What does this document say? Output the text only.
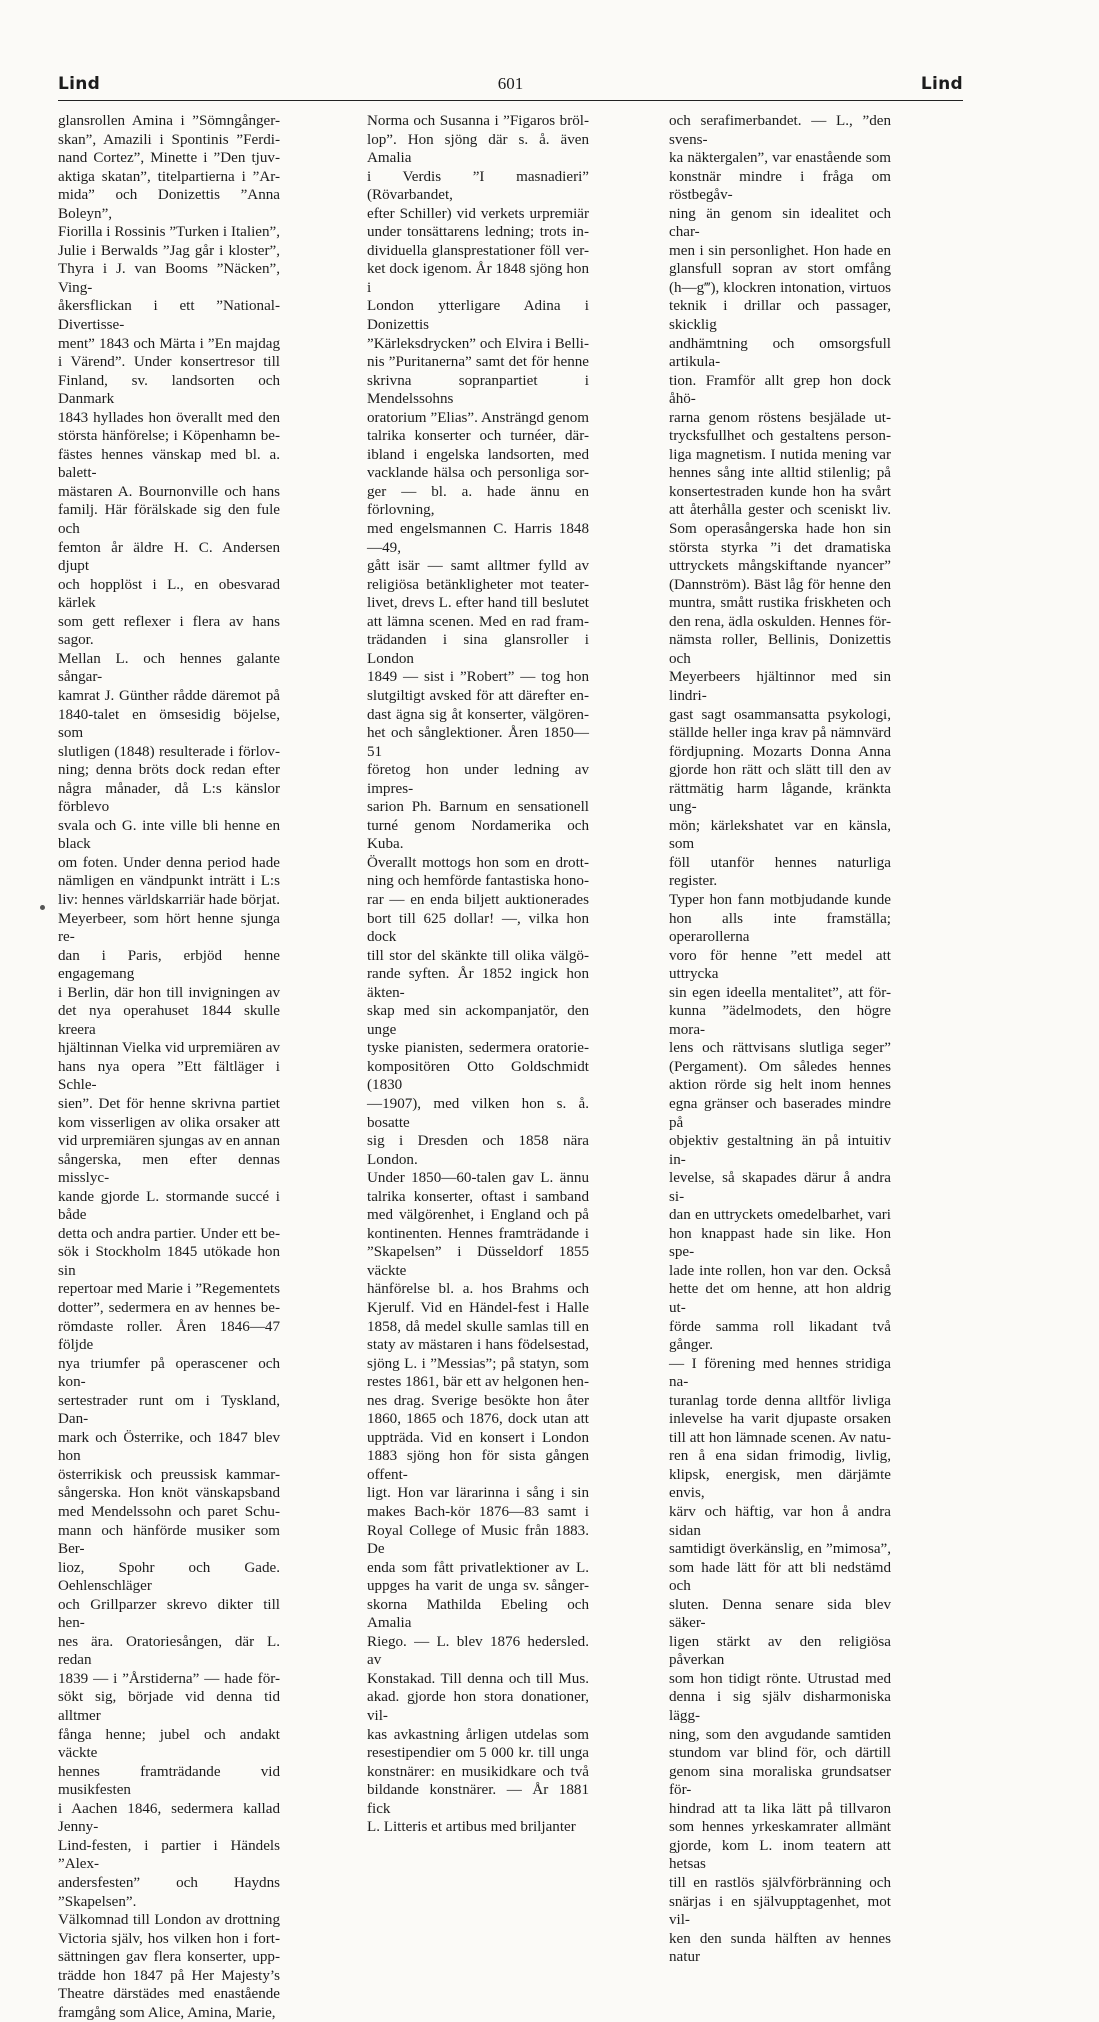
Lind	601	Lind

glansrollen Amina i ”Sömngånger-

skan”, Amazili i Spontinis ”Ferdi-

nand Cortez”, Minette i ”Den tjuv-

aktiga skatan”, titelpartierna i ”Ar-

mida” och Donizettis ”Anna Boleyn”,

Fiorilla i Rossinis ”Turken i Italien”,

Julie i Berwalds ”Jag går i kloster”,

Thyra i J. van Booms ”Näcken”, Ving-

åkersflickan i ett ”National-Divertisse-

ment” 1843 och Märta i ”En majdag

i Värend”. Under konsertresor till

Finland, sv. landsorten och Danmark

1843 hyllades hon överallt med den

största hänförelse; i Köpenhamn be-

fästes hennes vänskap med bl. a. balett-

mästaren A. Bournonville och hans

familj. Här förälskade sig den fule och

femton år äldre H. C. Andersen djupt

och hopplöst i L., en obesvarad kärlek

som gett reflexer i flera av hans sagor.

Mellan L. och hennes galante sångar-

kamrat J. Günther rådde däremot på

1840-talet en ömsesidig böjelse, som

slutligen (1848) resulterade i förlov-

ning; denna bröts dock redan efter

några månader, då L:s känslor förblevo

svala och G. inte ville bli henne en black

om foten. Under denna period hade

nämligen en vändpunkt inträtt i L:s

liv: hennes världskarriär hade börjat.

Meyerbeer, som hört henne sjunga re-

dan i Paris, erbjöd henne engagemang

i Berlin, där hon till invigningen av

det nya operahuset 1844 skulle kreera

hjältinnan Vielka vid urpremiären av

hans nya opera ”Ett fältläger i Schle-

sien”. Det för henne skrivna partiet

kom visserligen av olika orsaker att

vid urpremiären sjungas av en annan

sångerska, men efter dennas misslyc-

kande gjorde L. stormande succé i både

detta och andra partier. Under ett be-

sök i Stockholm 1845 utökade hon sin

repertoar med Marie i ”Regementets

dotter”, sedermera en av hennes be-

römdaste roller. Åren 1846—47 följde

nya triumfer på operascener och kon-

sertestrader runt om i Tyskland, Dan-

mark och Österrike, och 1847 blev hon

österrikisk och preussisk kammar-

sångerska. Hon knöt vänskapsband

med Mendelssohn och paret Schu-

mann och hänförde musiker som Ber-

lioz, Spohr och Gade. Oehlenschläger

och Grillparzer skrevo dikter till hen-

nes ära. Oratoriesången, där L. redan

1839 — i ”Årstiderna” — hade för-

sökt sig, började vid denna tid alltmer

fånga henne; jubel och andakt väckte

hennes framträdande vid musikfesten

i Aachen 1846, sedermera kallad Jenny-

Lind-festen, i partier i Händels ”Alex-

andersfesten” och Haydns ”Skapelsen”.

Välkomnad till London av drottning

Victoria själv, hos vilken hon i fort-

sättningen gav flera konserter, upp-

trädde hon 1847 på Her Majesty’s

Theatre därstädes med enastående

framgång som Alice, Amina, Marie,

Norma och Susanna i ”Figaros bröl-

lop”. Hon sjöng där s. å. även Amalia

i Verdis ”I masnadieri” (Rövarbandet,

efter Schiller) vid verkets urpremiär

under tonsättarens ledning; trots in-

dividuella glansprestationer föll ver-

ket dock igenom. År 1848 sjöng hon i

London ytterligare Adina i Donizettis

”Kärleksdrycken” och Elvira i Belli-

nis ”Puritanerna” samt det för henne

skrivna sopranpartiet i Mendelssohns

oratorium ”Elias”. Ansträngd genom

talrika konserter och turnéer, där-

ibland i engelska landsorten, med

vacklande hälsa och personliga sor-

ger — bl. a. hade ännu en förlovning,

med engelsmannen C. Harris 1848—49,

gått isär — samt alltmer fylld av

religiösa betänkligheter mot teater-

livet, drevs L. efter hand till beslutet

att lämna scenen. Med en rad fram-

trädanden i sina glansroller i London

1849 — sist i ”Robert” — tog hon

slutgiltigt avsked för att därefter en-

dast ägna sig åt konserter, välgören-

het och sånglektioner. Åren 1850—51

företog hon under ledning av impres-

sarion Ph. Barnum en sensationell

turné genom Nordamerika och Kuba.

Överallt mottogs hon som en drott-

ning och hemförde fantastiska hono-

rar — en enda biljett auktionerades

bort till 625 dollar! —, vilka hon dock

till stor del skänkte till olika välgö-

rande syften. År 1852 ingick hon äkten-

skap med sin ackompanjatör, den unge

tyske pianisten, sedermera oratorie-

kompositören Otto Goldschmidt (1830

—1907), med vilken hon s. å. bosatte

sig i Dresden och 1858 nära London.

Under 1850—60-talen gav L. ännu

talrika konserter, oftast i samband

med välgörenhet, i England och på

kontinenten. Hennes framträdande i

”Skapelsen” i Düsseldorf 1855 väckte

hänförelse bl. a. hos Brahms och

Kjerulf. Vid en Händel-fest i Halle

1858, då medel skulle samlas till en

staty av mästaren i hans födelsestad,

sjöng L. i ”Messias”; på statyn, som

restes 1861, bär ett av helgonen hen-

nes drag. Sverige besökte hon åter

1860, 1865 och 1876, dock utan att

uppträda. Vid en konsert i London

1883 sjöng hon för sista gången offent-

ligt. Hon var lärarinna i sång i sin

makes Bach-kör 1876—83 samt i

Royal College of Music från 1883. De

enda som fått privatlektioner av L.

uppges ha varit de unga sv. sånger-

skorna Mathilda Ebeling och Amalia

Riego. — L. blev 1876 hedersled. av

Konstakad. Till denna och till Mus.

akad. gjorde hon stora donationer, vil-

kas avkastning årligen utdelas som

resestipendier om 5 000 kr. till unga

konstnärer: en musikidkare och två

bildande konstnärer. — År 1881 fick

L. Litteris et artibus med briljanter

och serafimerbandet. — L., ”den svens-

ka näktergalen”, var enastående som

konstnär mindre i fråga om röstbegåv-

ning än genom sin idealitet och char-

men i sin personlighet. Hon hade en

glansfull sopran av stort omfång

(h—g‴), klockren intonation, virtuos

teknik i drillar och passager, skicklig

andhämtning och omsorgsfull artikula-

tion. Framför allt grep hon dock åhö-

rarna genom röstens besjälade ut-

trycksfullhet och gestaltens person-

liga magnetism. I nutida mening var

hennes sång inte alltid stilenlig; på

konsertestraden kunde hon ha svårt

att återhålla gester och sceniskt liv.

Som operasångerska hade hon sin

största styrka ”i det dramatiska

uttryckets mångskiftande nyancer”

(Dannström). Bäst låg för henne den

muntra, smått rustika friskheten och

den rena, ädla oskulden. Hennes för-

nämsta roller, Bellinis, Donizettis och

Meyerbeers hjältinnor med sin lindri-

gast sagt osammansatta psykologi,

ställde heller inga krav på nämnvärd

fördjupning. Mozarts Donna Anna

gjorde hon rätt och slätt till den av

rättmätig harm lågande, kränkta ung-

mön; kärlekshatet var en känsla, som

föll utanför hennes naturliga register.

Typer hon fann motbjudande kunde

hon alls inte framställa; operarollerna

voro för henne ”ett medel att uttrycka

sin egen ideella mentalitet”, att för-

kunna ”ädelmodets, den högre mora-

lens och rättvisans slutliga seger”

(Pergament). Om således hennes

aktion rörde sig helt inom hennes

egna gränser och baserades mindre på

objektiv gestaltning än på intuitiv in-

levelse, så skapades därur å andra si-

dan en uttryckets omedelbarhet, vari

hon knappast hade sin like. Hon spe-

lade inte rollen, hon var den. Också

hette det om henne, att hon aldrig ut-

förde samma roll likadant två gånger.

— I förening med hennes stridiga na-

turanlag torde denna alltför livliga

inlevelse ha varit djupaste orsaken

till att hon lämnade scenen. Av natu-

ren å ena sidan frimodig, livlig,

klipsk, energisk, men därjämte envis,

kärv och häftig, var hon å andra sidan

samtidigt överkänslig, en ”mimosa”,

som hade lätt för att bli nedstämd och

sluten. Denna senare sida blev säker-

ligen stärkt av den religiösa påverkan

som hon tidigt rönte. Utrustad med

denna i sig själv disharmoniska lägg-

ning, som den avgudande samtiden

stundom var blind för, och därtill

genom sina moraliska grundsatser för-

hindrad att ta lika lätt på tillvaron

som hennes yrkeskamrater allmänt

gjorde, kom L. inom teatern att hetsas

till en rastlös självförbränning och

snärjas i en självupptagenhet, mot vil-

ken den sunda hälften av hennes natur
